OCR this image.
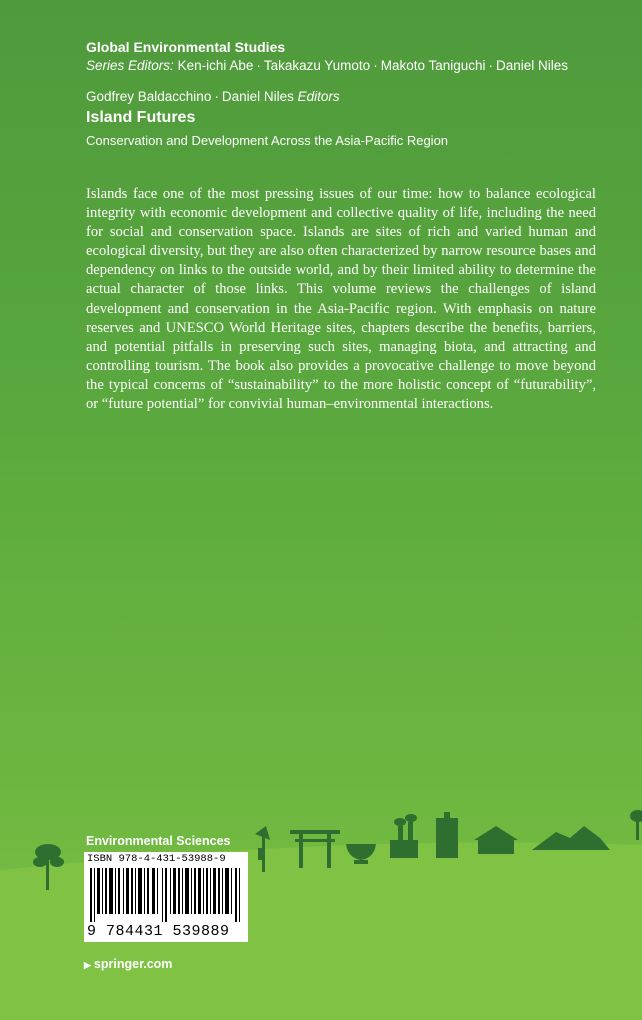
Global Environmental Studies
Series Editors: Ken-ichi Abe · Takakazu Yumoto · Makoto Taniguchi · Daniel Niles
Godfrey Baldacchino · Daniel Niles Editors
Island Futures
Conservation and Development Across the Asia-Pacific Region

Islands face one of the most pressing issues of our time: how to balance ecological integrity with economic development and collective quality of life, including the need for social and conservation space. Islands are sites of rich and varied human and ecological diversity, but they are also often characterized by narrow resource bases and dependency on links to the outside world, and by their limited ability to determine the actual character of those links. This volume reviews the challenges of island development and conservation in the Asia-Pacific region. With emphasis on nature reserves and UNESCO World Heritage sites, chapters describe the benefits, barriers, and potential pitfalls in preserving such sites, managing biota, and attracting and controlling tourism. The book also provides a provocative challenge to move beyond the typical concerns of “sustainability” to the more holistic concept of “futurability”, or “future potential” for convivial human–environmental interactions.

Environmental Sciences
ISBN 978-4-431-53988-9
9 784431 539889
▶ springer.com
